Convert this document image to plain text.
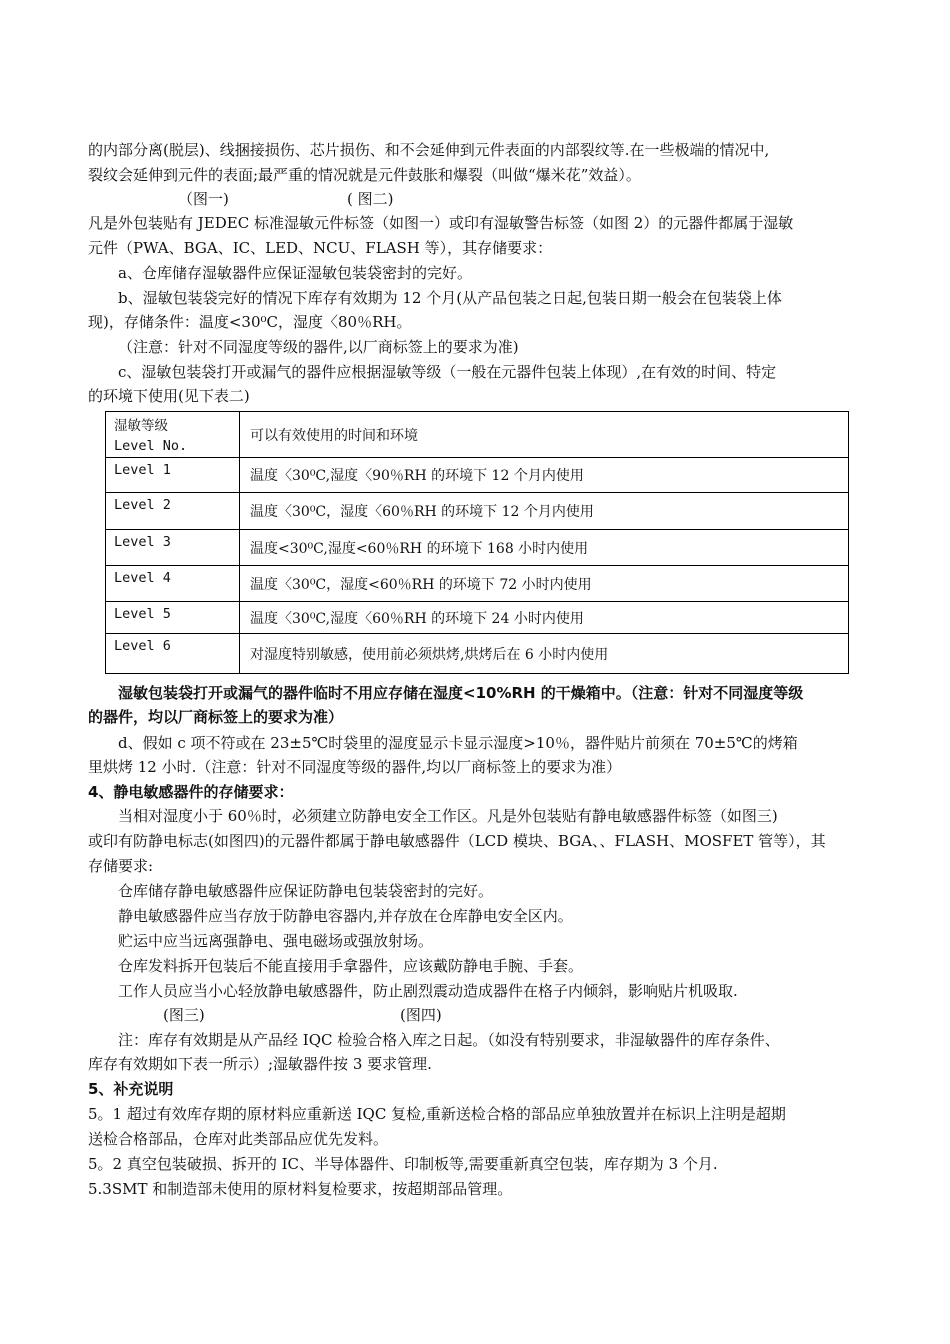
的内部分离(脱层)、线捆接损伤、芯片损伤、和不会延伸到元件表面的内部裂纹等.在一些极端的情况中,
裂纹会延伸到元件的表面;最严重的情况就是元件鼓胀和爆裂（叫做“爆米花”效益）。
（图一)	( 图二)
凡是外包装贴有 JEDEC 标准湿敏元件标签（如图一）或印有湿敏警告标签（如图 2）的元器件都属于湿敏
元件（PWA、BGA、IC、LED、NCU、FLASH 等），其存储要求：
a、仓库储存湿敏器件应保证湿敏包装袋密封的完好。
b、湿敏包装袋完好的情况下库存有效期为 12 个月(从产品包装之日起,包装日期一般会在包装袋上体
现)，存储条件：温度<30⁰C，湿度〈80％RH。
（注意：针对不同湿度等级的器件,以厂商标签上的要求为准)
c、湿敏包装袋打开或漏气的器件应根据湿敏等级（一般在元器件包装上体现）,在有效的时间、特定
的环境下使用(见下表二)
湿敏等级
Level No.	可以有效使用的时间和环境
Level 1	温度〈30⁰C,湿度〈90％RH 的环境下 12 个月内使用
Level 2	温度〈30⁰C，湿度〈60％RH 的环境下 12 个月内使用
Level 3	温度<30⁰C,湿度<60％RH 的环境下 168 小时内使用
Level 4	温度〈30⁰C，湿度<60％RH 的环境下 72 小时内使用
Level 5	温度〈30⁰C,湿度〈60％RH 的环境下 24 小时内使用
Level 6	对湿度特别敏感，使用前必须烘烤,烘烤后在 6 小时内使用
湿敏包装袋打开或漏气的器件临时不用应存储在湿度<10%RH 的干燥箱中。（注意：针对不同湿度等级
的器件，均以厂商标签上的要求为准）
d、假如 c 项不符或在 23±5℃时袋里的湿度显示卡显示湿度>10％，器件贴片前须在 70±5℃的烤箱
里烘烤 12 小时.（注意：针对不同湿度等级的器件,均以厂商标签上的要求为准）
4、静电敏感器件的存储要求：
当相对湿度小于 60％时，必须建立防静电安全工作区。凡是外包装贴有静电敏感器件标签（如图三)
或印有防静电标志(如图四)的元器件都属于静电敏感器件（LCD 模块、BGA、、FLASH、MOSFET 管等），其
存储要求:
仓库储存静电敏感器件应保证防静电包装袋密封的完好。
静电敏感器件应当存放于防静电容器内,并存放在仓库静电安全区内。
贮运中应当远离强静电、强电磁场或强放射场。
仓库发料拆开包装后不能直接用手拿器件，应该戴防静电手腕、手套。
工作人员应当小心轻放静电敏感器件，防止剧烈震动造成器件在格子内倾斜，影响贴片机吸取.
(图三)	(图四)
注：库存有效期是从产品经 IQC 检验合格入库之日起。（如没有特别要求，非湿敏器件的库存条件、
库存有效期如下表一所示）;湿敏器件按 3 要求管理.
5、补充说明
5。1 超过有效库存期的原材料应重新送 IQC 复检,重新送检合格的部品应单独放置并在标识上注明是超期
送检合格部品，仓库对此类部品应优先发料。
5。2 真空包装破损、拆开的 IC、半导体器件、印制板等,需要重新真空包装，库存期为 3 个月.
5.3SMT 和制造部未使用的原材料复检要求，按超期部品管理。
